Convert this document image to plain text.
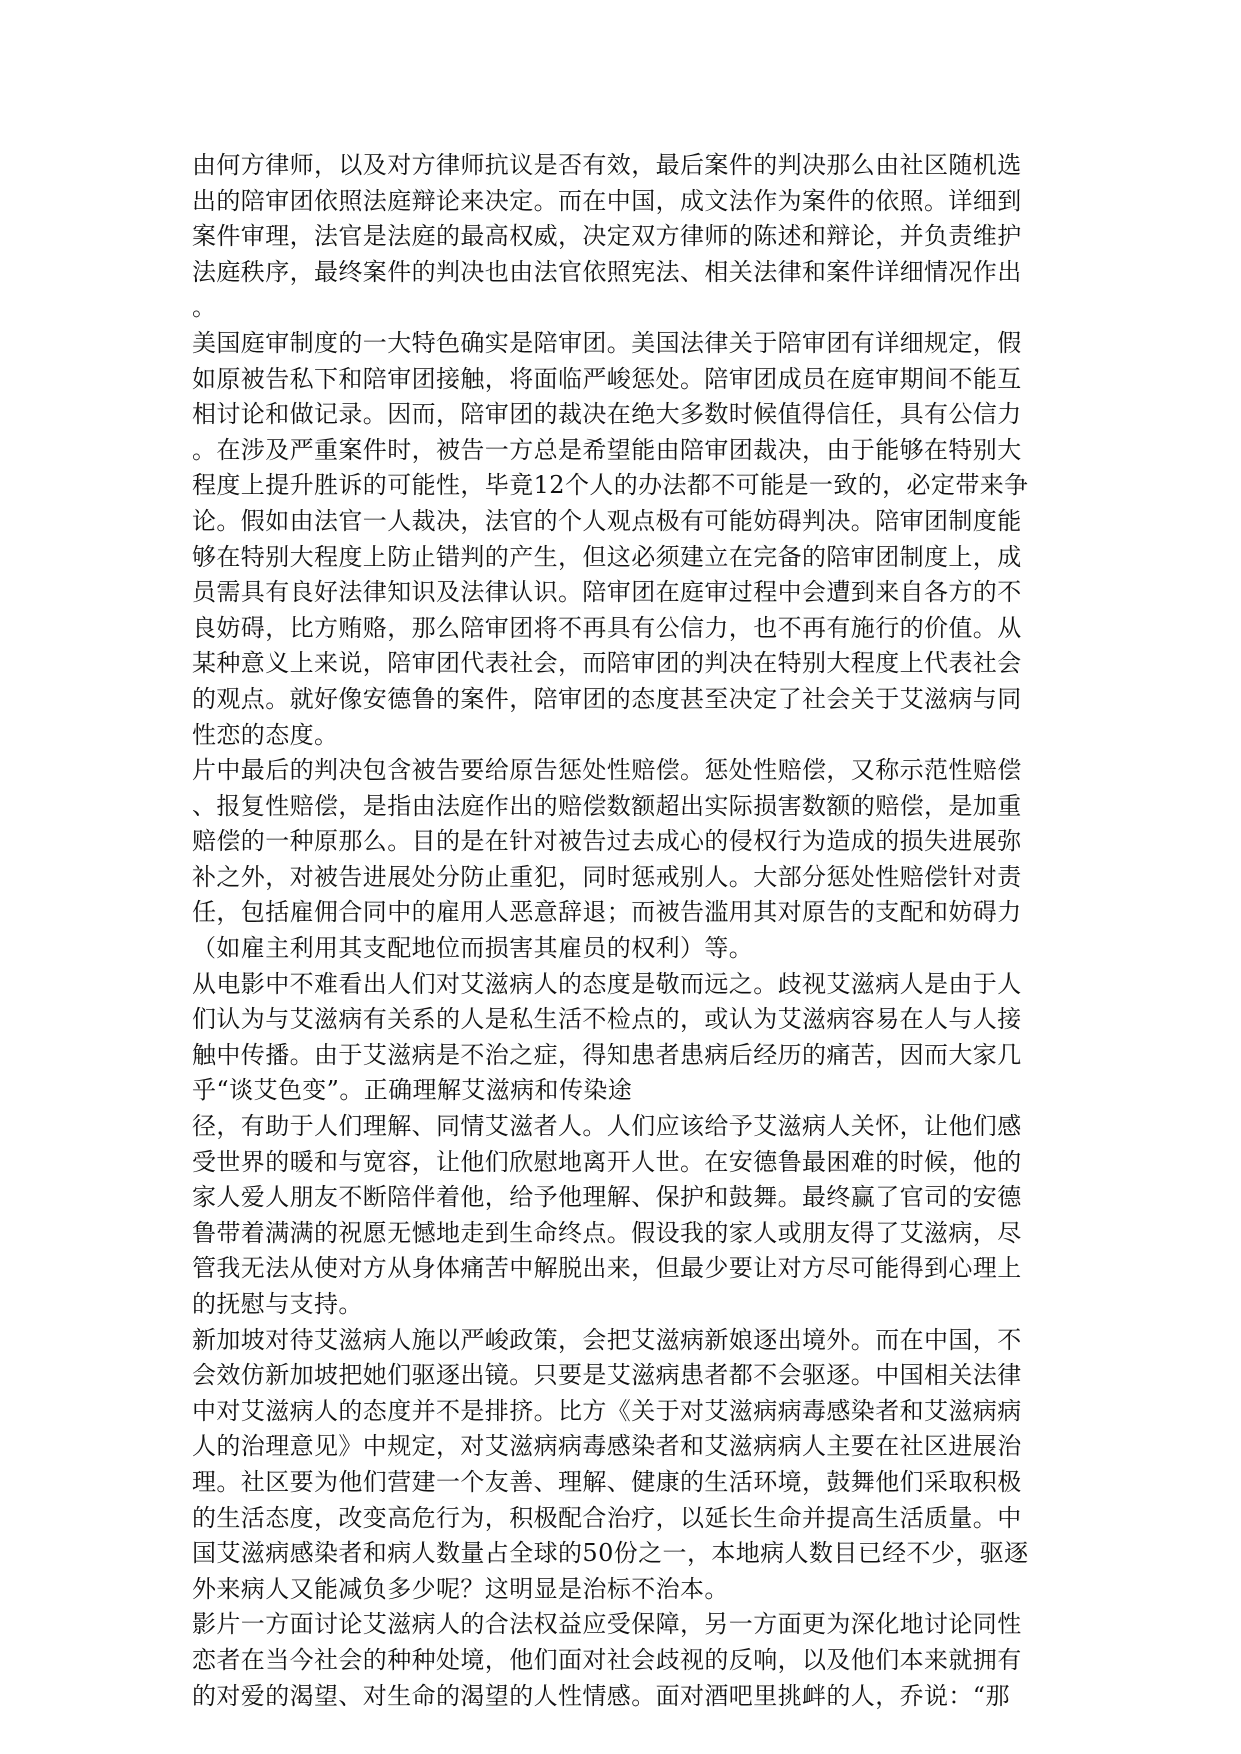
由何方律师，以及对方律师抗议是否有效，最后案件的判决那么由社区随机选
出的陪审团依照法庭辩论来决定。而在中国，成文法作为案件的依照。详细到
案件审理，法官是法庭的最高权威，决定双方律师的陈述和辩论，并负责维护
法庭秩序，最终案件的判决也由法官依照宪法、相关法律和案件详细情况作出
。
美国庭审制度的一大特色确实是陪审团。美国法律关于陪审团有详细规定，假
如原被告私下和陪审团接触，将面临严峻惩处。陪审团成员在庭审期间不能互
相讨论和做记录。因而，陪审团的裁决在绝大多数时候值得信任，具有公信力
。在涉及严重案件时，被告一方总是希望能由陪审团裁决，由于能够在特别大
程度上提升胜诉的可能性，毕竟12个人的办法都不可能是一致的，必定带来争
论。假如由法官一人裁决，法官的个人观点极有可能妨碍判决。陪审团制度能
够在特别大程度上防止错判的产生，但这必须建立在完备的陪审团制度上，成
员需具有良好法律知识及法律认识。陪审团在庭审过程中会遭到来自各方的不
良妨碍，比方贿赂，那么陪审团将不再具有公信力，也不再有施行的价值。从
某种意义上来说，陪审团代表社会，而陪审团的判决在特别大程度上代表社会
的观点。就好像安德鲁的案件，陪审团的态度甚至决定了社会关于艾滋病与同
性恋的态度。
片中最后的判决包含被告要给原告惩处性赔偿。惩处性赔偿，又称示范性赔偿
、报复性赔偿，是指由法庭作出的赔偿数额超出实际损害数额的赔偿，是加重
赔偿的一种原那么。目的是在针对被告过去成心的侵权行为造成的损失进展弥
补之外，对被告进展处分防止重犯，同时惩戒别人。大部分惩处性赔偿针对责
任，包括雇佣合同中的雇用人恶意辞退；而被告滥用其对原告的支配和妨碍力
（如雇主利用其支配地位而损害其雇员的权利）等。
从电影中不难看出人们对艾滋病人的态度是敬而远之。歧视艾滋病人是由于人
们认为与艾滋病有关系的人是私生活不检点的，或认为艾滋病容易在人与人接
触中传播。由于艾滋病是不治之症，得知患者患病后经历的痛苦，因而大家几
乎“谈艾色变”。正确理解艾滋病和传染途
径，有助于人们理解、同情艾滋者人。人们应该给予艾滋病人关怀，让他们感
受世界的暖和与宽容，让他们欣慰地离开人世。在安德鲁最困难的时候，他的
家人爱人朋友不断陪伴着他，给予他理解、保护和鼓舞。最终赢了官司的安德
鲁带着满满的祝愿无憾地走到生命终点。假设我的家人或朋友得了艾滋病，尽
管我无法从使对方从身体痛苦中解脱出来，但最少要让对方尽可能得到心理上
的抚慰与支持。
新加坡对待艾滋病人施以严峻政策，会把艾滋病新娘逐出境外。而在中国，不
会效仿新加坡把她们驱逐出镜。只要是艾滋病患者都不会驱逐。中国相关法律
中对艾滋病人的态度并不是排挤。比方《关于对艾滋病病毒感染者和艾滋病病
人的治理意见》中规定，对艾滋病病毒感染者和艾滋病病人主要在社区进展治
理。社区要为他们营建一个友善、理解、健康的生活环境，鼓舞他们采取积极
的生活态度，改变高危行为，积极配合治疗，以延长生命并提高生活质量。中
国艾滋病感染者和病人数量占全球的50份之一，本地病人数目已经不少，驱逐
外来病人又能减负多少呢？这明显是治标不治本。
影片一方面讨论艾滋病人的合法权益应受保障，另一方面更为深化地讨论同性
恋者在当今社会的种种处境，他们面对社会歧视的反响，以及他们本来就拥有
的对爱的渴望、对生命的渴望的人性情感。面对酒吧里挑衅的人，乔说：“那
